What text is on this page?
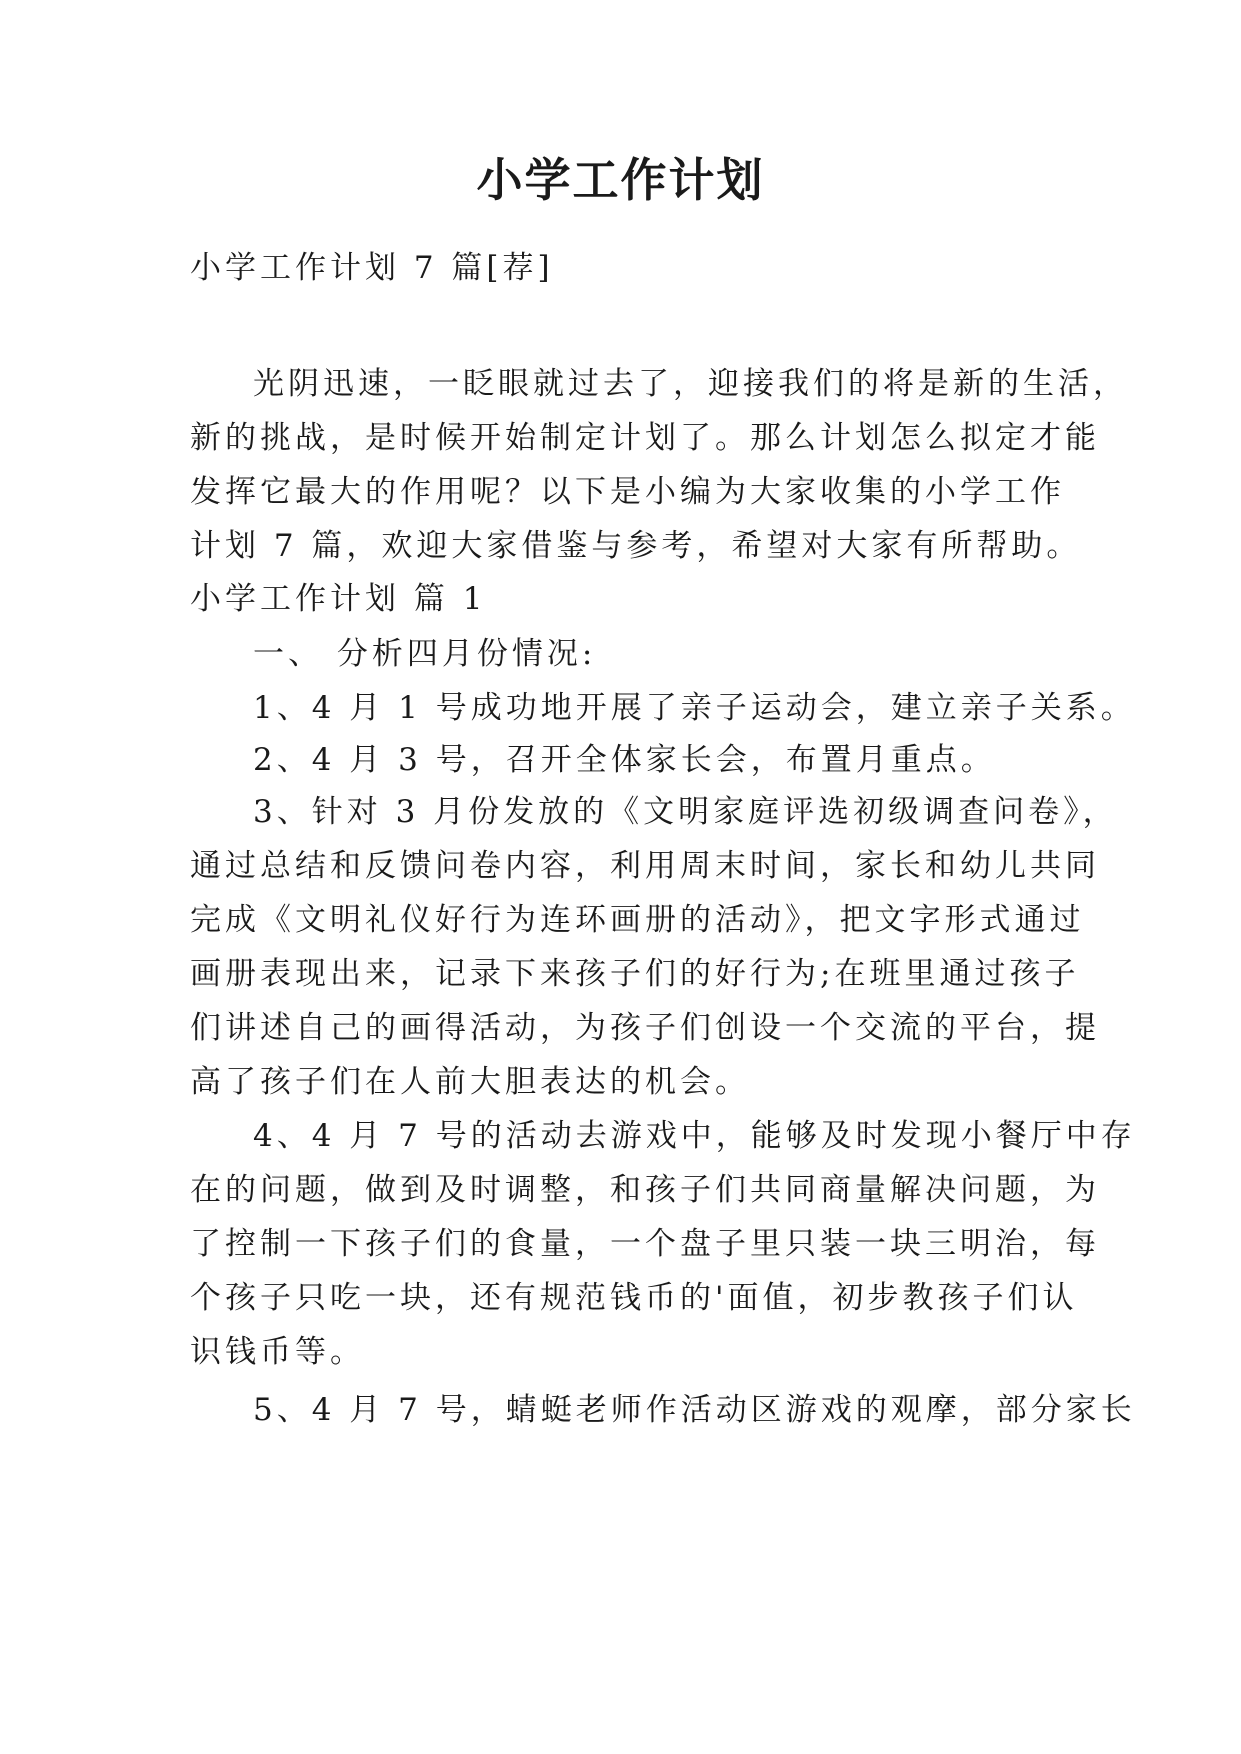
小学工作计划
小学工作计划 7 篇[荐]
光阴迅速，一眨眼就过去了，迎接我们的将是新的生活，
新的挑战，是时候开始制定计划了。那么计划怎么拟定才能
发挥它最大的作用呢？以下是小编为大家收集的小学工作
计划 7 篇，欢迎大家借鉴与参考，希望对大家有所帮助。
小学工作计划 篇 1
一、 分析四月份情况:
1、4 月 1 号成功地开展了亲子运动会，建立亲子关系。
2、4 月 3 号，召开全体家长会，布置月重点。
3、针对 3 月份发放的《文明家庭评选初级调查问卷》，
通过总结和反馈问卷内容，利用周末时间，家长和幼儿共同
完成《文明礼仪好行为连环画册的活动》，把文字形式通过
画册表现出来，记录下来孩子们的好行为;在班里通过孩子
们讲述自己的画得活动，为孩子们创设一个交流的平台，提
高了孩子们在人前大胆表达的机会。
4、4 月 7 号的活动去游戏中，能够及时发现小餐厅中存
在的问题，做到及时调整，和孩子们共同商量解决问题，为
了控制一下孩子们的食量，一个盘子里只装一块三明治，每
个孩子只吃一块，还有规范钱币的'面值，初步教孩子们认
识钱币等。
5、4 月 7 号，蜻蜓老师作活动区游戏的观摩，部分家长
